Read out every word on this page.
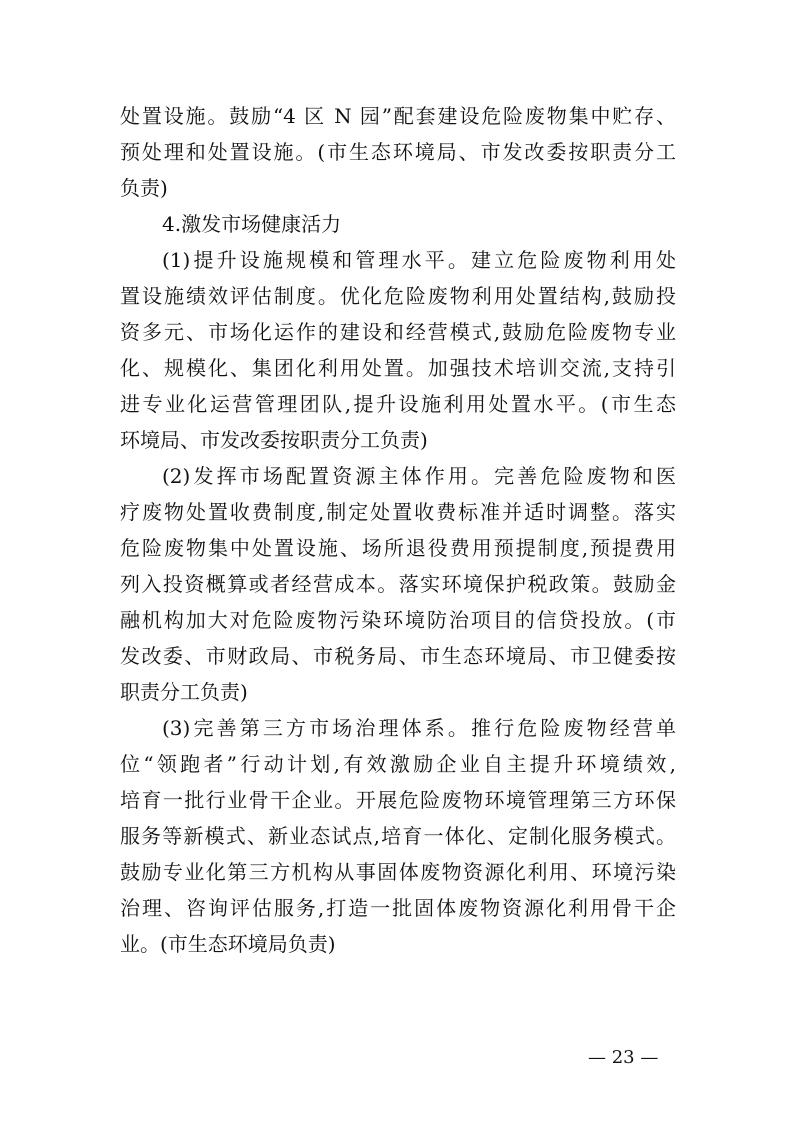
处置设施。鼓励“4 区 N 园”配套建设危险废物集中贮存、
预处理和处置设施。(市生态环境局、市发改委按职责分工
负责)
4.激发市场健康活力
(1)提升设施规模和管理水平。建立危险废物利用处
置设施绩效评估制度。优化危险废物利用处置结构,鼓励投
资多元、市场化运作的建设和经营模式,鼓励危险废物专业
化、规模化、集团化利用处置。加强技术培训交流,支持引
进专业化运营管理团队,提升设施利用处置水平。(市生态
环境局、市发改委按职责分工负责)
(2)发挥市场配置资源主体作用。完善危险废物和医
疗废物处置收费制度,制定处置收费标准并适时调整。落实
危险废物集中处置设施、场所退役费用预提制度,预提费用
列入投资概算或者经营成本。落实环境保护税政策。鼓励金
融机构加大对危险废物污染环境防治项目的信贷投放。(市
发改委、市财政局、市税务局、市生态环境局、市卫健委按
职责分工负责)
(3)完善第三方市场治理体系。推行危险废物经营单
位“领跑者”行动计划,有效激励企业自主提升环境绩效,
培育一批行业骨干企业。开展危险废物环境管理第三方环保
服务等新模式、新业态试点,培育一体化、定制化服务模式。
鼓励专业化第三方机构从事固体废物资源化利用、环境污染
治理、咨询评估服务,打造一批固体废物资源化利用骨干企
业。(市生态环境局负责)
— 23 —
